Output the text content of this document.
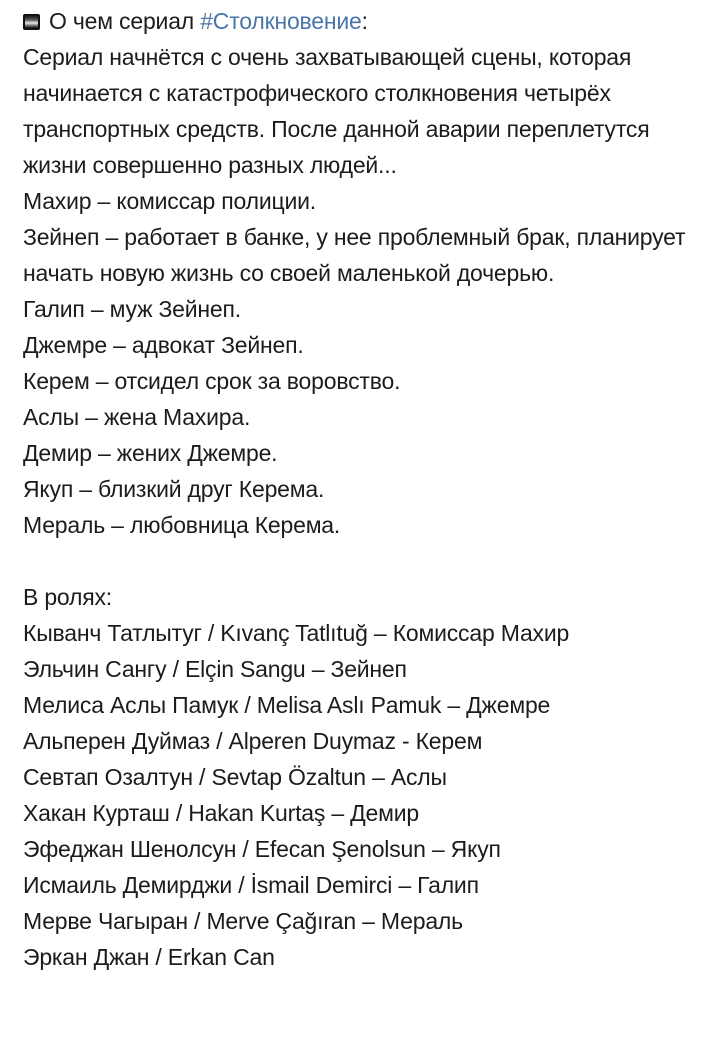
О чем сериал #Столкновение:
Сериал начнётся с очень захватывающей сцены, которая начинается с катастрофического столкновения четырёх транспортных средств. После данной аварии переплетутся жизни совершенно разных людей...
Махир – комиссар полиции.
Зейнеп – работает в банке, у нее проблемный брак, планирует начать новую жизнь со своей маленькой дочерью.
Галип – муж Зейнеп.
Джемре – адвокат Зейнеп.
Керем – отсидел срок за воровство.
Аслы – жена Махира.
Демир – жених Джемре.
Якуп – близкий друг Керема.
Мераль – любовница Керема.
В ролях:
Кыванч Татлытуг / Kıvanç Tatlıtuğ – Комиссар Махир
Эльчин Сангу / Elçin Sangu – Зейнеп
Мелиса Аслы Памук / Melisa Aslı Pamuk – Джемре
Альперен Дуймаз / Alperen Duymaz - Керем
Севтап Озалтун / Sevtap Özaltun – Аслы
Хакан Курташ / Hakan Kurtaş – Демир
Эфеджан Шенолсун / Efecan Şenolsun – Якуп
Исмаиль Демирджи / İsmail Demirci – Галип
Мерве Чагыран / Merve Çağıran – Мераль
Эркан Джан / Erkan Can
